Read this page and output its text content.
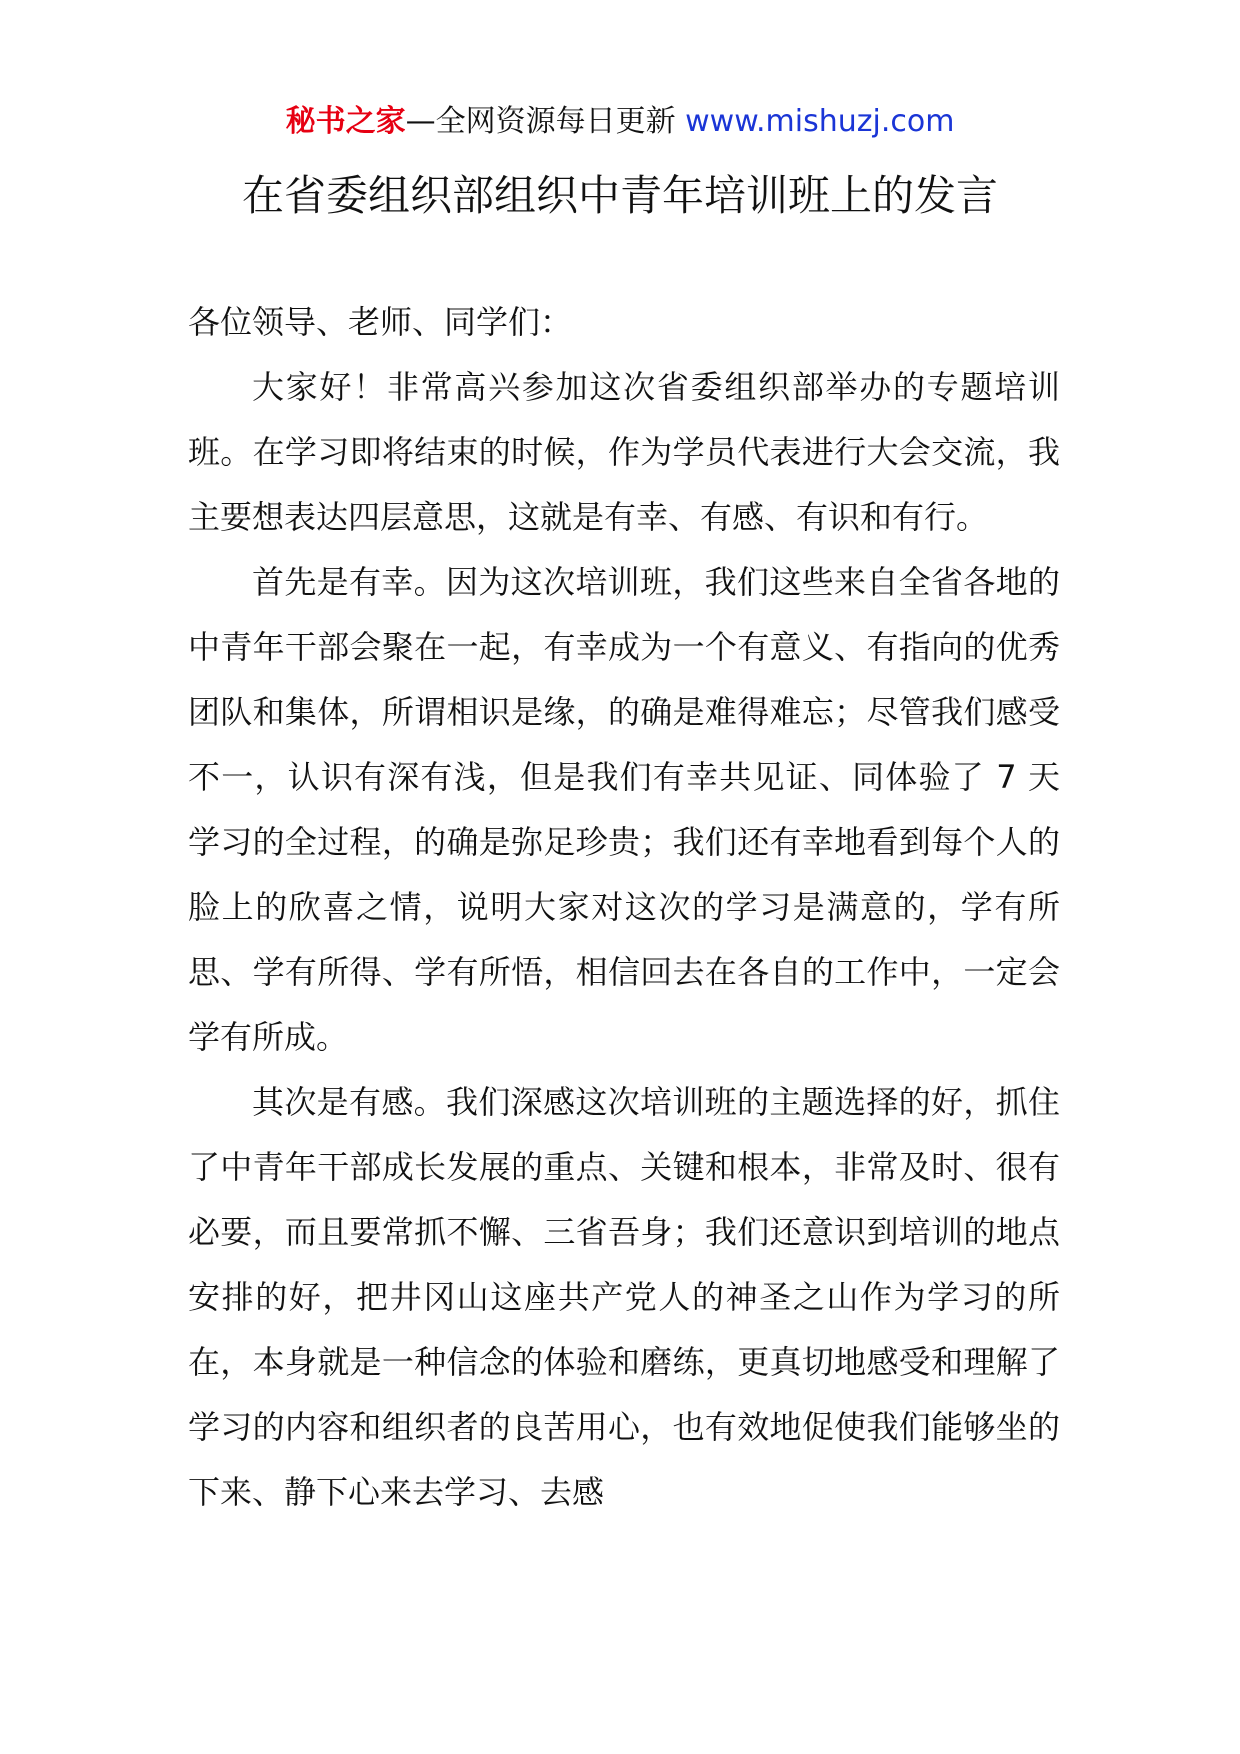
秘书之家—全网资源每日更新 www.mishuzj.com
在省委组织部组织中青年培训班上的发言

各位领导、老师、同学们：

大家好！非常高兴参加这次省委组织部举办的专题培训班。在学习即将结束的时候，作为学员代表进行大会交流，我主要想表达四层意思，这就是有幸、有感、有识和有行。

首先是有幸。因为这次培训班，我们这些来自全省各地的中青年干部会聚在一起，有幸成为一个有意义、有指向的优秀团队和集体，所谓相识是缘，的确是难得难忘；尽管我们感受不一，认识有深有浅，但是我们有幸共见证、同体验了 7 天学习的全过程，的确是弥足珍贵；我们还有幸地看到每个人的脸上的欣喜之情，说明大家对这次的学习是满意的，学有所思、学有所得、学有所悟，相信回去在各自的工作中，一定会学有所成。

其次是有感。我们深感这次培训班的主题选择的好，抓住了中青年干部成长发展的重点、关键和根本，非常及时、很有必要，而且要常抓不懈、三省吾身；我们还意识到培训的地点安排的好，把井冈山这座共产党人的神圣之山作为学习的所在，本身就是一种信念的体验和磨练，更真切地感受和理解了学习的内容和组织者的良苦用心，也有效地促使我们能够坐的下来、静下心来去学习、去感
